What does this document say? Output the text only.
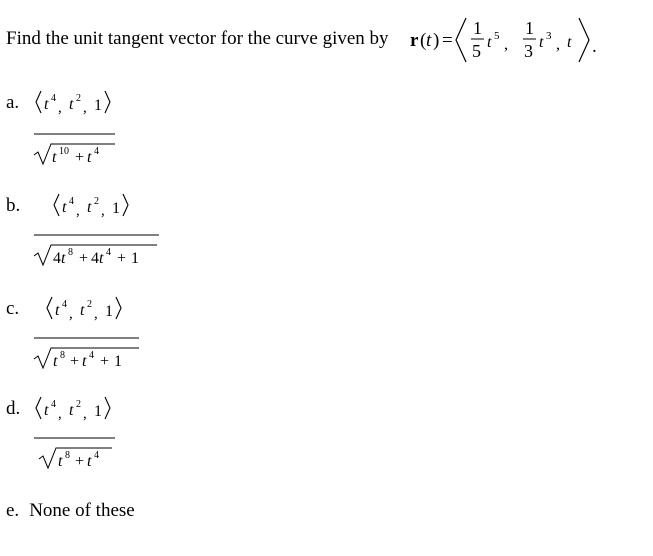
Find the unit tangent vector for the curve given by r ( t ) =
1
5 t 5 ,
1
3 t 3 , t .
a. t 4
, t 2
, 1
t 10 + t 4
b.	t 4
, t 2
, 1
4 t 8 + 4 t 4 + 1
c. t 4
, t 2
, 1
t 8 + t 4 + 1
d. t 4
, t 2
, 1
t 8 + t 4
e. None of these
